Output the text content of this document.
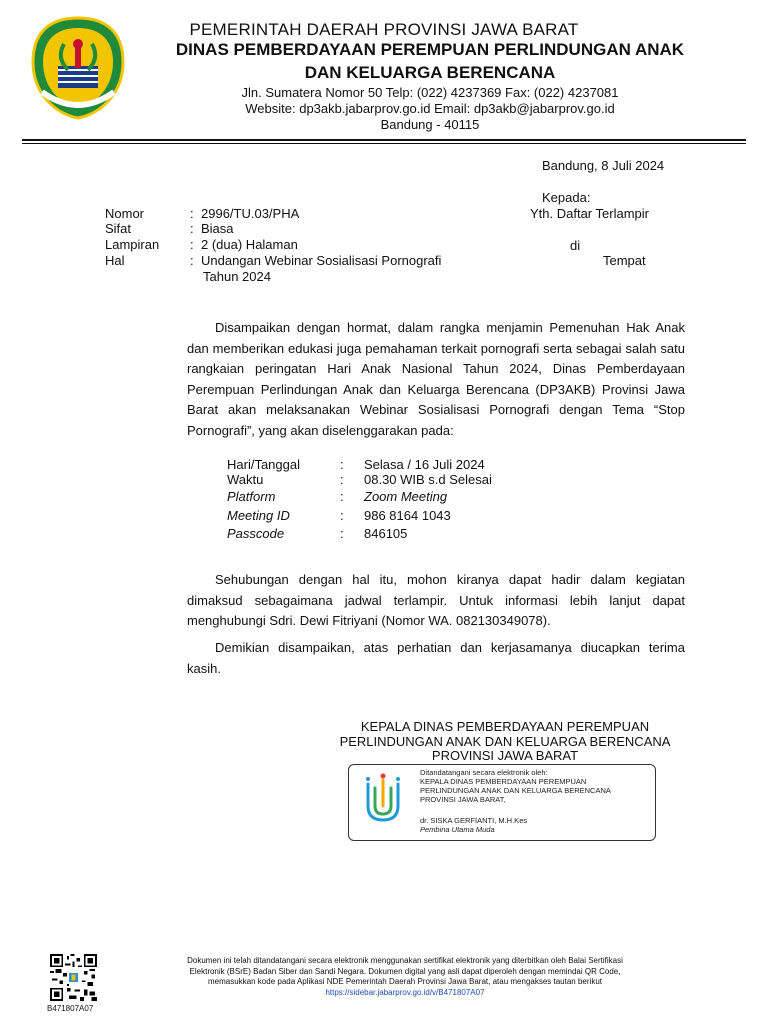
PEMERINTAH DAERAH PROVINSI JAWA BARAT
DINAS PEMBERDAYAAN PEREMPUAN PERLINDUNGAN ANAK
DAN KELUARGA BERENCANA
Jln. Sumatera Nomor 50 Telp: (022) 4237369 Fax: (022) 4237081
Website: dp3akb.jabarprov.go.id Email: dp3akb@jabarprov.go.id
Bandung - 40115
Bandung, 8 Juli 2024
Kepada:
Yth. Daftar Terlampir
di
Tempat
Nomor	: 2996/TU.03/PHA
Sifat	: Biasa
Lampiran : 2 (dua) Halaman
Hal	: Undangan Webinar Sosialisasi Pornografi
Tahun 2024

Disampaikan dengan hormat, dalam rangka menjamin Pemenuhan Hak Anak dan memberikan edukasi juga pemahaman terkait pornografi serta sebagai salah satu rangkaian peringatan Hari Anak Nasional Tahun 2024, Dinas Pemberdayaan Perempuan Perlindungan Anak dan Keluarga Berencana (DP3AKB) Provinsi Jawa Barat akan melaksanakan Webinar Sosialisasi Pornografi dengan Tema “Stop Pornografi”, yang akan diselenggarakan pada:

Hari/Tanggal	: Selasa / 16 Juli 2024
Waktu	: 08.30 WIB s.d Selesai
Platform	: Zoom Meeting
Meeting ID	: 986 8164 1043
Passcode	: 846105

Sehubungan dengan hal itu, mohon kiranya dapat hadir dalam kegiatan dimaksud sebagaimana jadwal terlampir. Untuk informasi lebih lanjut dapat menghubungi Sdri. Dewi Fitriyani (Nomor WA. 082130349078).

Demikian disampaikan, atas perhatian dan kerjasamanya diucapkan terima kasih.

KEPALA DINAS PEMBERDAYAAN PEREMPUAN
PERLINDUNGAN ANAK DAN KELUARGA BERENCANA
PROVINSI JAWA BARAT
Ditandatangani secara elektronik oleh:
KEPALA DINAS PEMBERDAYAAN PEREMPUAN
PERLINDUNGAN ANAK DAN KELUARGA BERENCANA
PROVINSI JAWA BARAT,
dr. SISKA GERFIANTI, M.H.Kes
Pembina Utama Muda
B471807A07
Dokumen ini telah ditandatangani secara elektronik menggunakan sertifikat elektronik yang diterbitkan oleh Balai Sertifikasi
Elektronik (BSrE) Badan Siber dan Sandi Negara. Dokumen digital yang asli dapat diperoleh dengan memindai QR Code,
memasukkan kode pada Aplikasi NDE Pemerintah Daerah Provinsi Jawa Barat, atau mengakses tautan berikut
https://sidebar.jabarprov.go.id/v/B471807A07
